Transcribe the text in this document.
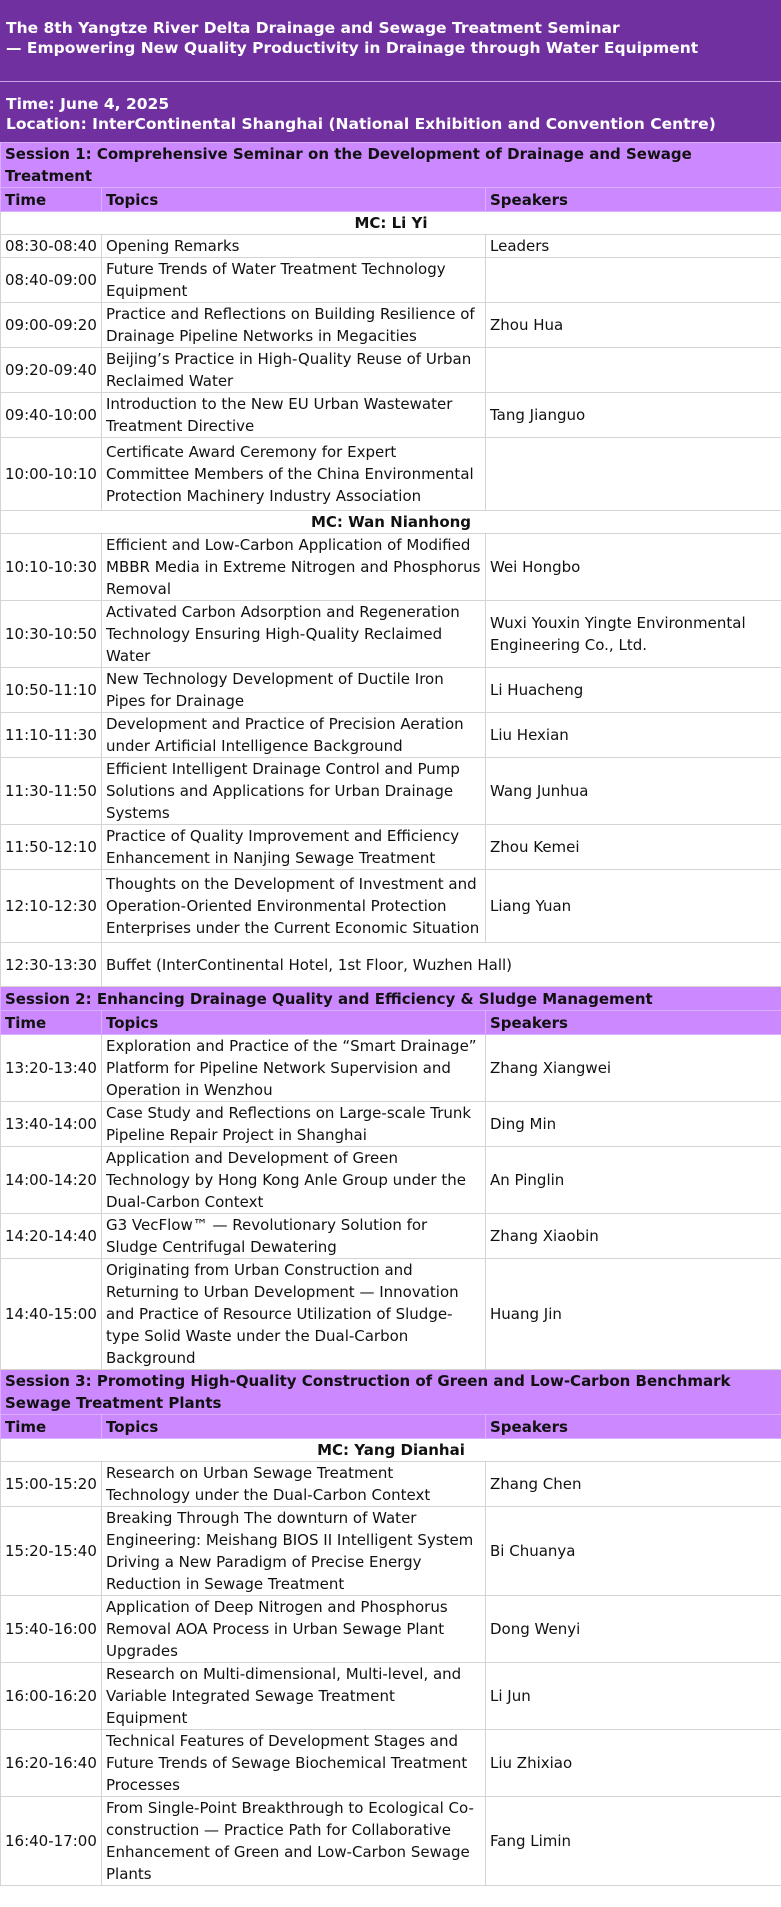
The 8th Yangtze River Delta Drainage and Sewage Treatment Seminar
— Empowering New Quality Productivity in Drainage through Water Equipment
Time: June 4, 2025
Location: InterContinental Shanghai (National Exhibition and Convention Centre)
Session 1: Comprehensive Seminar on the Development of Drainage and Sewage Treatment		
Time	Topics	Speakers
MC: Li Yi		
08:30-08:40	Opening Remarks	Leaders
08:40-09:00	Future Trends of Water Treatment Technology Equipment	
09:00-09:20	Practice and Reflections on Building Resilience of Drainage Pipeline Networks in Megacities	Zhou Hua
09:20-09:40	Beijing’s Practice in High-Quality Reuse of Urban Reclaimed Water	
09:40-10:00	Introduction to the New EU Urban Wastewater Treatment Directive	Tang Jianguo
10:00-10:10	Certificate Award Ceremony for Expert Committee Members of the China Environmental Protection Machinery Industry Association	
MC: Wan Nianhong		
10:10-10:30	Efficient and Low-Carbon Application of Modified MBBR Media in Extreme Nitrogen and Phosphorus Removal	Wei Hongbo
10:30-10:50	Activated Carbon Adsorption and Regeneration Technology Ensuring High-Quality Reclaimed Water	Wuxi Youxin Yingte Environmental Engineering Co., Ltd.
10:50-11:10	New Technology Development of Ductile Iron Pipes for Drainage	Li Huacheng
11:10-11:30	Development and Practice of Precision Aeration under Artificial Intelligence Background	Liu Hexian
11:30-11:50	Efficient Intelligent Drainage Control and Pump Solutions and Applications for Urban Drainage Systems	Wang Junhua
11:50-12:10	Practice of Quality Improvement and Efficiency Enhancement in Nanjing Sewage Treatment	Zhou Kemei
12:10-12:30	Thoughts on the Development of Investment and Operation-Oriented Environmental Protection Enterprises under the Current Economic Situation	Liang Yuan
12:30-13:30	Buffet (InterContinental Hotel, 1st Floor, Wuzhen Hall)	
Session 2: Enhancing Drainage Quality and Efficiency & Sludge Management		
Time	Topics	Speakers
13:20-13:40	Exploration and Practice of the “Smart Drainage” Platform for Pipeline Network Supervision and Operation in Wenzhou	Zhang Xiangwei
13:40-14:00	Case Study and Reflections on Large-scale Trunk Pipeline Repair Project in Shanghai	Ding Min
14:00-14:20	Application and Development of Green Technology by Hong Kong Anle Group under the Dual-Carbon Context	An Pinglin
14:20-14:40	G3 VecFlow™ — Revolutionary Solution for Sludge Centrifugal Dewatering	Zhang Xiaobin
14:40-15:00	Originating from Urban Construction and Returning to Urban Development — Innovation and Practice of Resource Utilization of Sludge-type Solid Waste under the Dual-Carbon Background	Huang Jin
Session 3: Promoting High-Quality Construction of Green and Low-Carbon Benchmark Sewage Treatment Plants		
Time	Topics	Speakers
MC: Yang Dianhai		
15:00-15:20	Research on Urban Sewage Treatment Technology under the Dual-Carbon Context	Zhang Chen
15:20-15:40	Breaking Through The downturn of Water Engineering: Meishang BIOS II Intelligent System Driving a New Paradigm of Precise Energy Reduction in Sewage Treatment	Bi Chuanya
15:40-16:00	Application of Deep Nitrogen and Phosphorus Removal AOA Process in Urban Sewage Plant Upgrades	Dong Wenyi
16:00-16:20	Research on Multi-dimensional, Multi-level, and Variable Integrated Sewage Treatment Equipment	Li Jun
16:20-16:40	Technical Features of Development Stages and Future Trends of Sewage Biochemical Treatment Processes	Liu Zhixiao
16:40-17:00	From Single-Point Breakthrough to Ecological Co-construction — Practice Path for Collaborative Enhancement of Green and Low-Carbon Sewage Plants	Fang Limin
